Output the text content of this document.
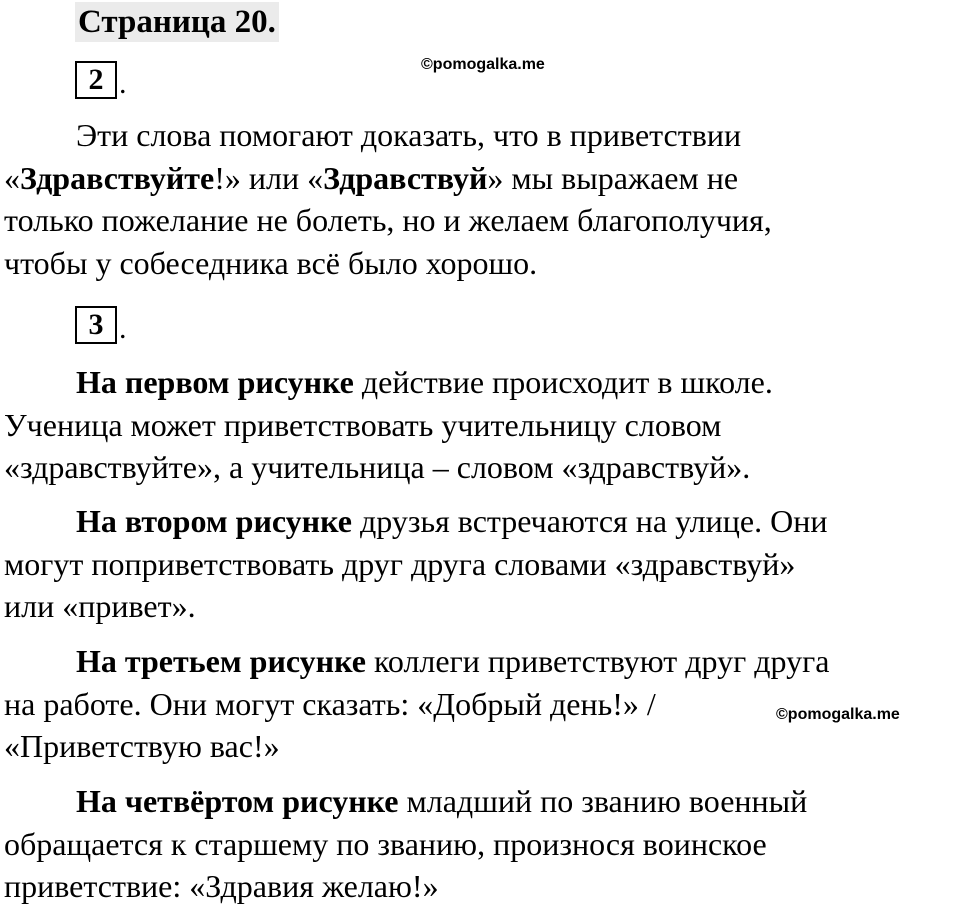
Страница 20.
©pomogalka.me
2 .
Эти слова помогают доказать, что в приветствии
«Здравствуйте!» или «Здравствуй» мы выражаем не
только пожелание не болеть, но и желаем благополучия,
чтобы у собеседника всё было хорошо.
3 .
На первом рисунке действие происходит в школе.
Ученица может приветствовать учительницу словом
«здравствуйте», а учительница – словом «здравствуй».
На втором рисунке друзья встречаются на улице. Они
могут поприветствовать друг друга словами «здравствуй»
или «привет».
На третьем рисунке коллеги приветствуют друг друга
на работе. Они могут сказать: «Добрый день!» /
«Приветствую вас!»
©pomogalka.me
На четвёртом рисунке младший по званию военный
обращается к старшему по званию, произнося воинское
приветствие: «Здравия желаю!»
